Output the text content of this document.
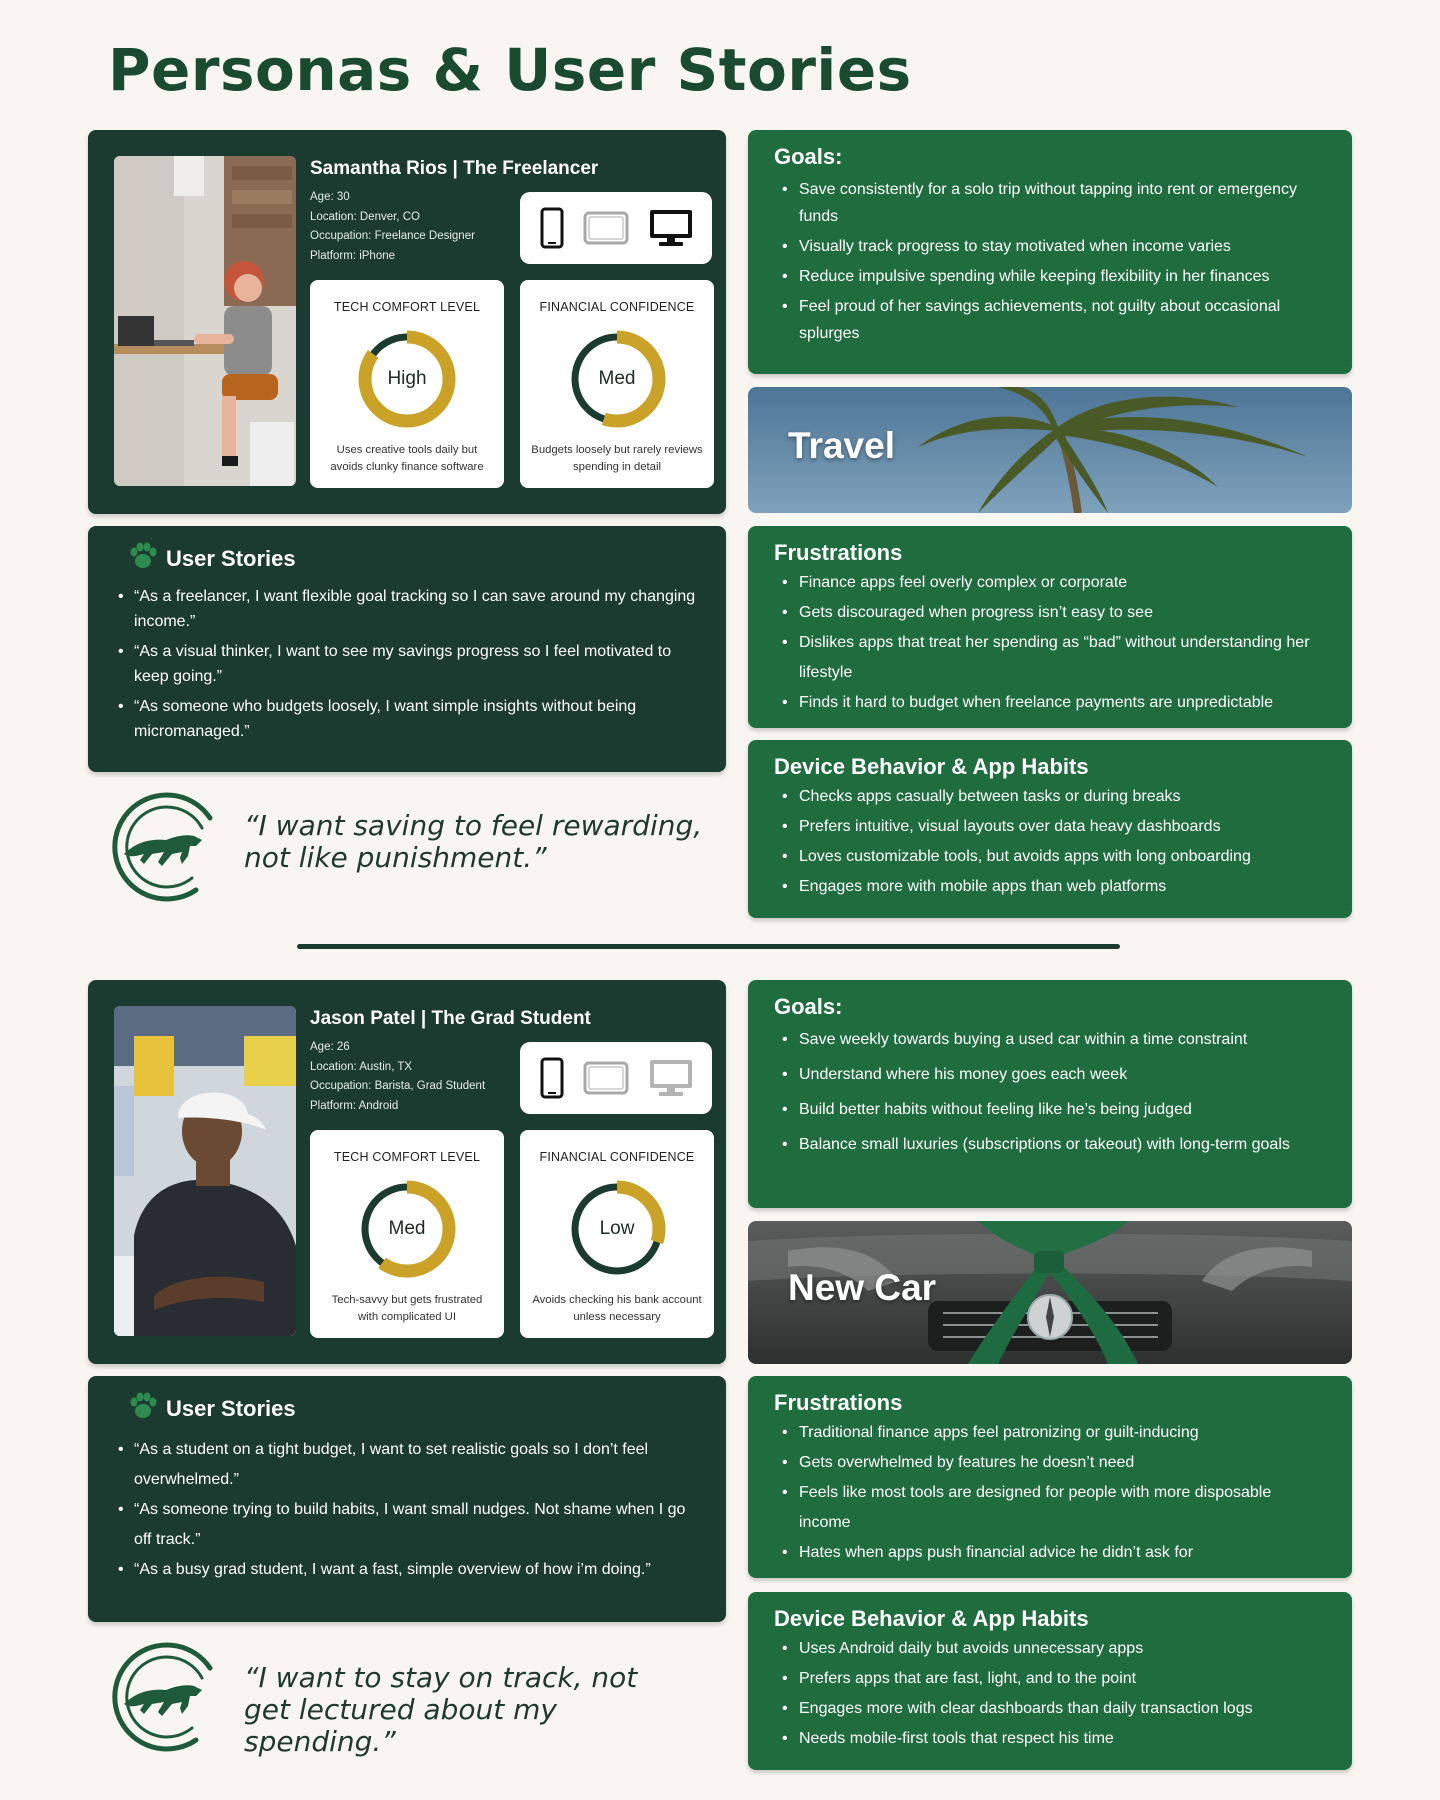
Personas & User Stories
Samantha Rios | The Freelancer
Age: 30
Location: Denver, CO
Occupation: Freelance Designer
Platform: iPhone
TECH COMFORT LEVEL
High
Uses creative tools daily but avoids clunky finance software
FINANCIAL CONFIDENCE
Med
Budgets loosely but rarely reviews spending in detail
User Stories
• “As a freelancer, I want flexible goal tracking so I can save around my changing income.”
• “As a visual thinker, I want to see my savings progress so I feel motivated to keep going.”
• “As someone who budgets loosely, I want simple insights without being micromanaged.”
“I want saving to feel rewarding, not like punishment.”
Goals:
• Save consistently for a solo trip without tapping into rent or emergency funds
• Visually track progress to stay motivated when income varies
• Reduce impulsive spending while keeping flexibility in her finances
• Feel proud of her savings achievements, not guilty about occasional splurges
Travel
Frustrations
• Finance apps feel overly complex or corporate
• Gets discouraged when progress isn’t easy to see
• Dislikes apps that treat her spending as “bad” without understanding her lifestyle
• Finds it hard to budget when freelance payments are unpredictable
Device Behavior & App Habits
• Checks apps casually between tasks or during breaks
• Prefers intuitive, visual layouts over data heavy dashboards
• Loves customizable tools, but avoids apps with long onboarding
• Engages more with mobile apps than web platforms
Jason Patel | The Grad Student
Age: 26
Location: Austin, TX
Occupation: Barista, Grad Student
Platform: Android
TECH COMFORT LEVEL
Med
Tech-savvy but gets frustrated with complicated UI
FINANCIAL CONFIDENCE
Low
Avoids checking his bank account unless necessary
User Stories
• “As a student on a tight budget, I want to set realistic goals so I don’t feel overwhelmed.”
• “As someone trying to build habits, I want small nudges. Not shame when I go off track.”
• “As a busy grad student, I want a fast, simple overview of how i’m doing.”
“I want to stay on track, not get lectured about my spending.”
Goals:
• Save weekly towards buying a used car within a time constraint
• Understand where his money goes each week
• Build better habits without feeling like he’s being judged
• Balance small luxuries (subscriptions or takeout) with long-term goals
New Car
Frustrations
• Traditional finance apps feel patronizing or guilt-inducing
• Gets overwhelmed by features he doesn’t need
• Feels like most tools are designed for people with more disposable income
• Hates when apps push financial advice he didn’t ask for
Device Behavior & App Habits
• Uses Android daily but avoids unnecessary apps
• Prefers apps that are fast, light, and to the point
• Engages more with clear dashboards than daily transaction logs
• Needs mobile-first tools that respect his time
